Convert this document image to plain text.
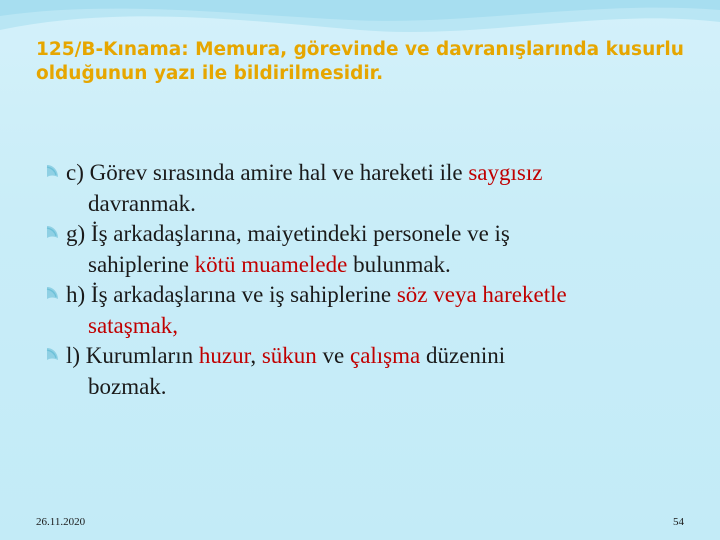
125/B-Kınama: Memura, görevinde ve davranışlarında kusurlu
olduğunun yazı ile bildirilmesidir.
c) Görev sırasında amire hal ve hareketi ile saygısız
davranmak.
g) İş arkadaşlarına, maiyetindeki personele ve iş
sahiplerine kötü muamelede bulunmak.
h) İş arkadaşlarına ve iş sahiplerine söz veya hareketle
sataşmak,
l) Kurumların huzur, sükun ve çalışma düzenini
bozmak.
26.11.2020	54
